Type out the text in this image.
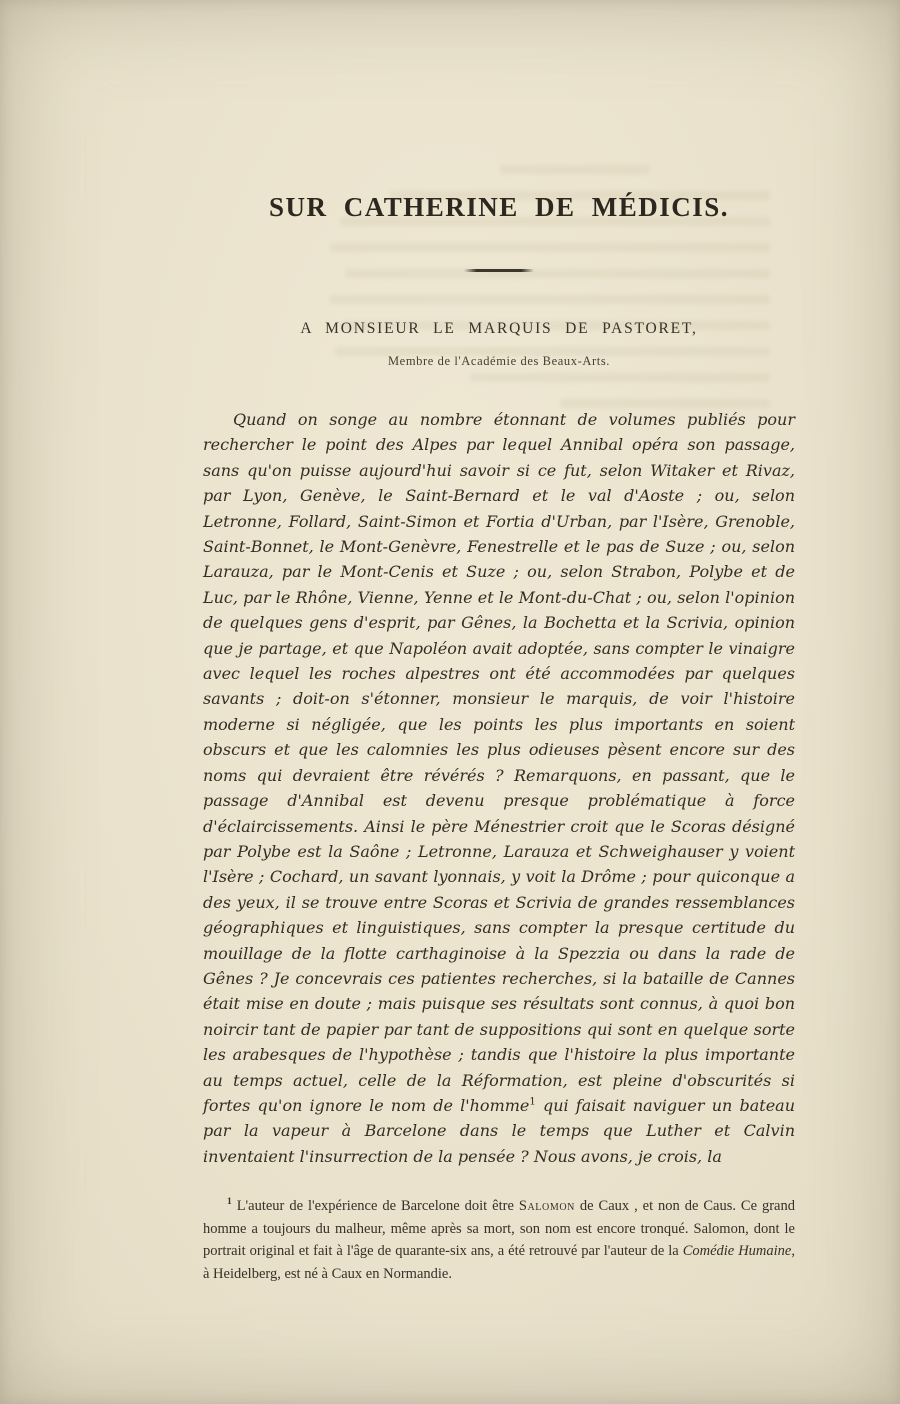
SUR CATHERINE DE MÉDICIS.
A MONSIEUR LE MARQUIS DE PASTORET,
Membre de l'Académie des Beaux-Arts.

Quand on songe au nombre étonnant de volumes publiés pour rechercher le point des Alpes par lequel Annibal opéra son passage, sans qu'on puisse aujourd'hui savoir si ce fut, selon Witaker et Rivaz, par Lyon, Genève, le Saint-Bernard et le val d'Aoste ; ou, selon Letronne, Follard, Saint-Simon et Fortia d'Urban, par l'Isère, Grenoble, Saint-Bonnet, le Mont-Genèvre, Fenestrelle et le pas de Suze ; ou, selon Larauza, par le Mont-Cenis et Suze ; ou, selon Strabon, Polybe et de Luc, par le Rhône, Vienne, Yenne et le Mont-du-Chat ; ou, selon l'opinion de quelques gens d'esprit, par Gênes, la Bochetta et la Scrivia, opinion que je partage, et que Napoléon avait adoptée, sans compter le vinaigre avec lequel les roches alpestres ont été accommodées par quelques savants ; doit-on s'étonner, monsieur le marquis, de voir l'histoire moderne si négligée, que les points les plus importants en soient obscurs et que les calomnies les plus odieuses pèsent encore sur des noms qui devraient être révérés ? Remarquons, en passant, que le passage d'Annibal est devenu presque problématique à force d'éclaircissements. Ainsi le père Ménestrier croit que le Scoras désigné par Polybe est la Saône ; Letronne, Larauza et Schweighauser y voient l'Isère ; Cochard, un savant lyonnais, y voit la Drôme ; pour quiconque a des yeux, il se trouve entre Scoras et Scrivia de grandes ressemblances géographiques et linguistiques, sans compter la presque certitude du mouillage de la flotte carthaginoise à la Spezzia ou dans la rade de Gênes ? Je concevrais ces patientes recherches, si la bataille de Cannes était mise en doute ; mais puisque ses résultats sont connus, à quoi bon noircir tant de papier par tant de suppositions qui sont en quelque sorte les arabesques de l'hypothèse ; tandis que l'histoire la plus importante au temps actuel, celle de la Réformation, est pleine d'obscurités si fortes qu'on ignore le nom de l'homme$^1$ qui faisait naviguer un bateau par la vapeur à Barcelone dans le temps que Luther et Calvin inventaient l'insurrection de la pensée ? Nous avons, je crois, la

$^1$ L'auteur de l'expérience de Barcelone doit être Salomon de Caux , et non de Caus. Ce grand homme a toujours du malheur, même après sa mort, son nom est encore tronqué. Salomon, dont le portrait original et fait à l'âge de quarante-six ans, a été retrouvé par l'auteur de la Comédie Humaine, à Heidelberg, est né à Caux en Normandie.
